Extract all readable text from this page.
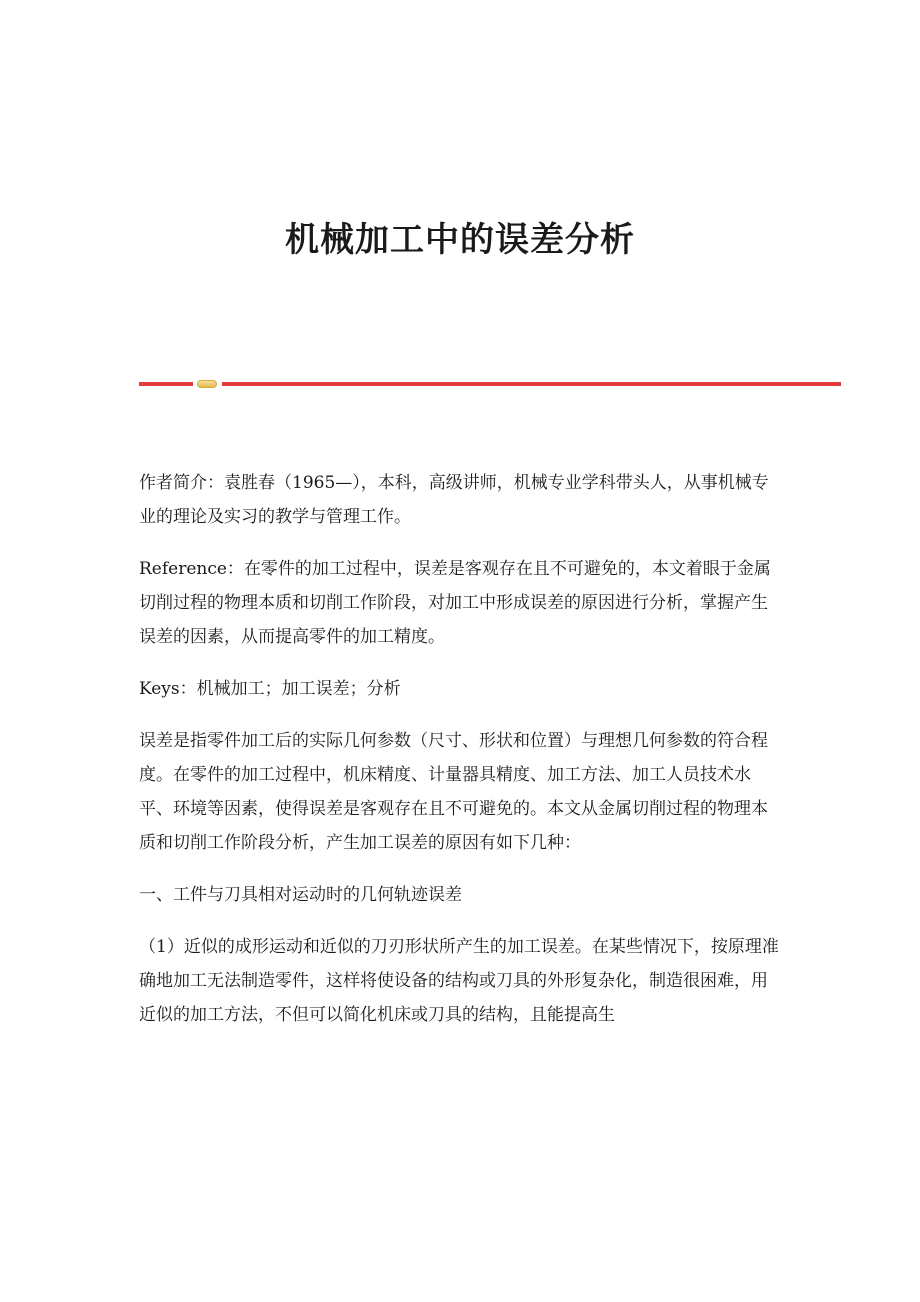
机械加工中的误差分析

作者简介：袁胜春（1965—），本科，高级讲师，机械专业学科带头人，从事机械专业的理论及实习的教学与管理工作。

Reference：在零件的加工过程中，误差是客观存在且不可避免的，本文着眼于金属切削过程的物理本质和切削工作阶段，对加工中形成误差的原因进行分析，掌握产生误差的因素，从而提高零件的加工精度。

Keys：机械加工；加工误差；分析

误差是指零件加工后的实际几何参数（尺寸、形状和位置）与理想几何参数的符合程度。在零件的加工过程中，机床精度、计量器具精度、加工方法、加工人员技术水平、环境等因素，使得误差是客观存在且不可避免的。本文从金属切削过程的物理本质和切削工作阶段分析，产生加工误差的原因有如下几种：

一、工件与刀具相对运动时的几何轨迹误差

（1）近似的成形运动和近似的刀刃形状所产生的加工误差。在某些情况下，按原理准确地加工无法制造零件，这样将使设备的结构或刀具的外形复杂化，制造很困难，用近似的加工方法，不但可以简化机床或刀具的结构，且能提高生
